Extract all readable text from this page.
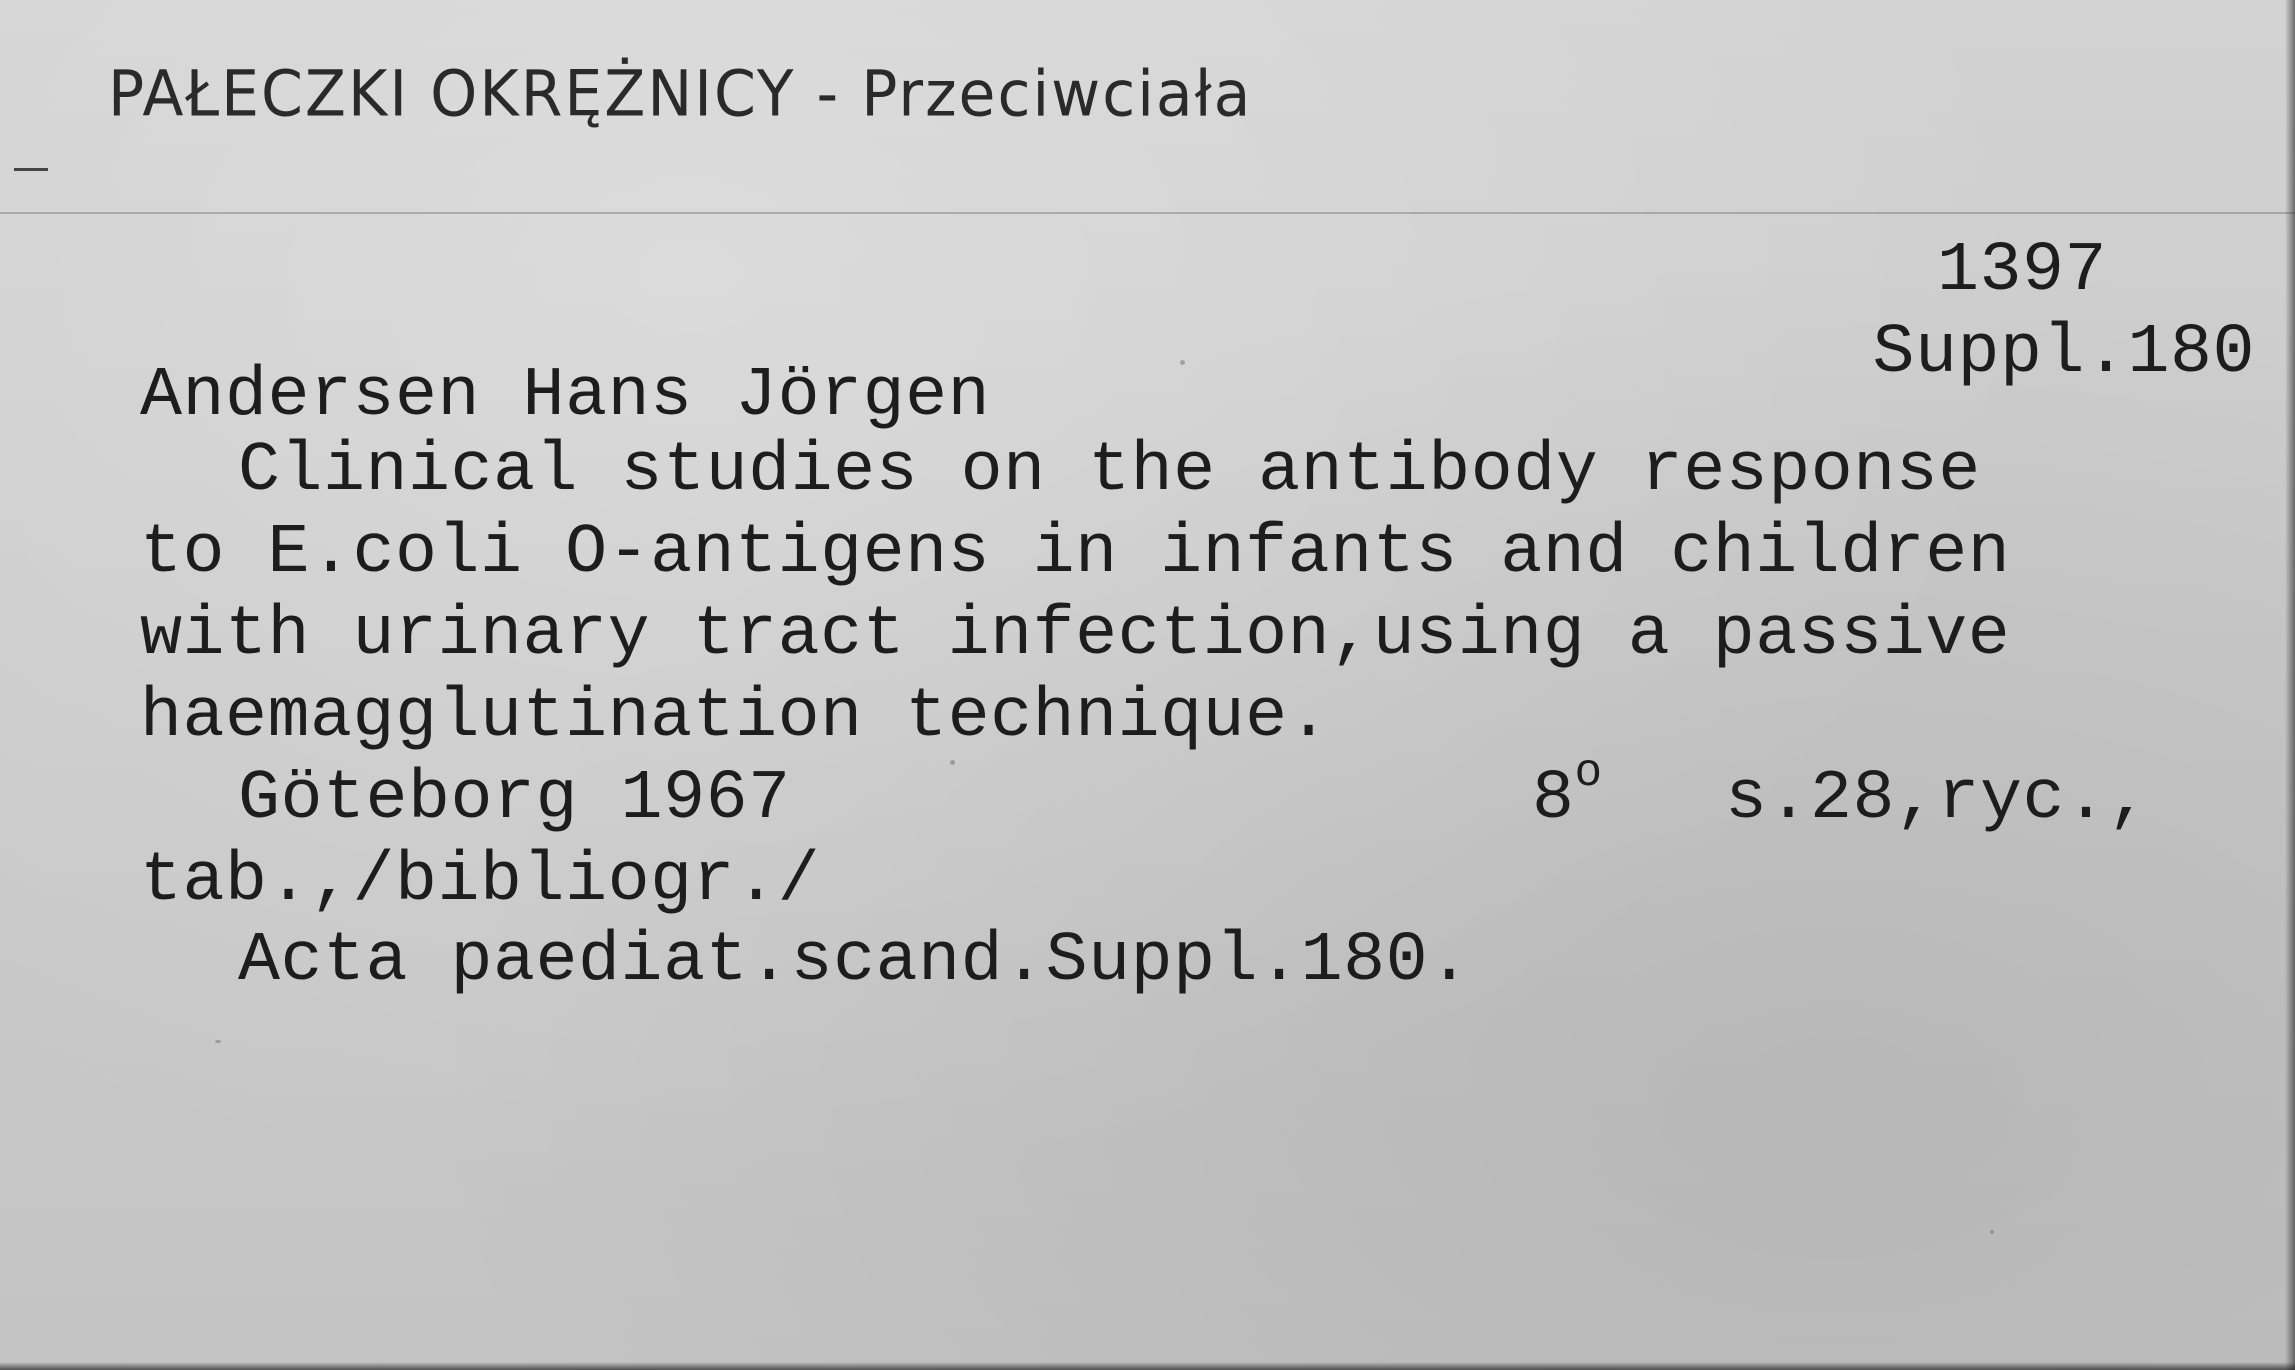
PAŁECZKI OKRĘŻNICY - Przeciwciała
1397
Suppl.180
Andersen Hans Jörgen
Clinical studies on the antibody response
to E.coli O-antigens in infants and children
with urinary tract infection,using a passive
haemagglutination technique.
Göteborg 1967	8$^o$ s.28,ryc.,
tab.,/bibliogr./
Acta paediat.scand.Suppl.180.
